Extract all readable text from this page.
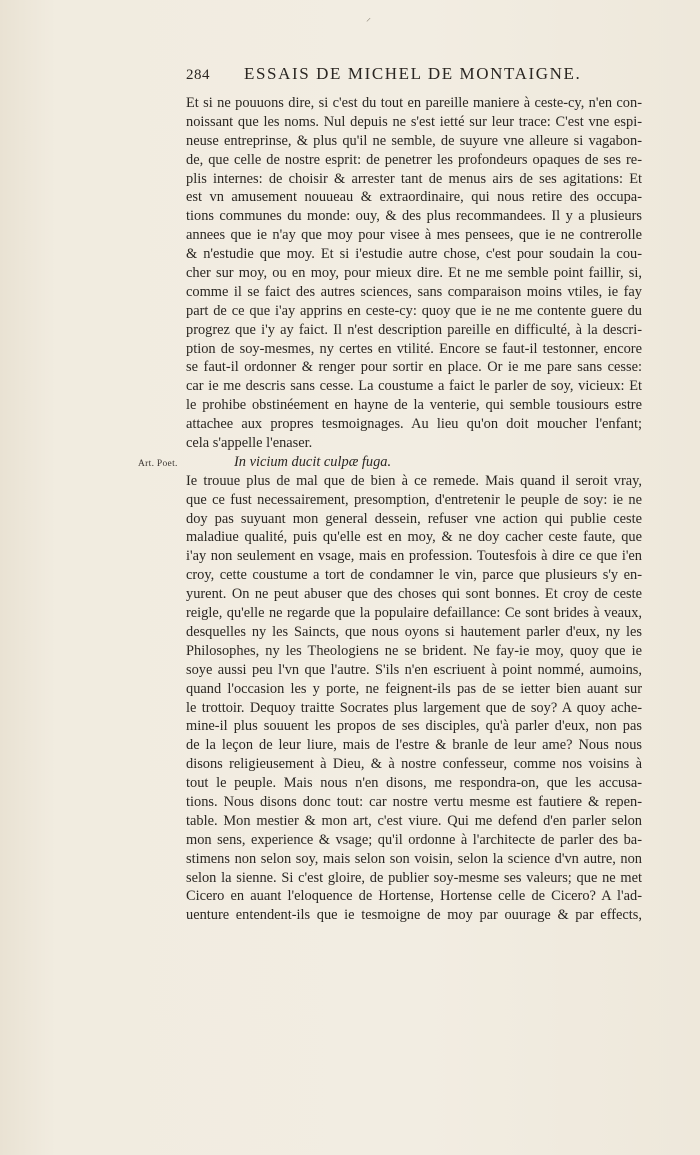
⸍
284 ESSAIS DE MICHEL DE MONTAIGNE.
Art. Poet.
Et si ne pouuons dire, si c'est du tout en pareille maniere à ceste-cy, n'en con-
noissant que les noms. Nul depuis ne s'est ietté sur leur trace: C'est vne espi-
neuse entreprinse, & plus qu'il ne semble, de suyure vne alleure si vagabon-
de, que celle de nostre esprit: de penetrer les profondeurs opaques de ses re-
plis internes: de choisir & arrester tant de menus airs de ses agitations: Et
est vn amusement nouueau & extraordinaire, qui nous retire des occupa-
tions communes du monde: ouy, & des plus recommandees. Il y a plusieurs
annees que ie n'ay que moy pour visee à mes pensees, que ie ne contrerolle
& n'estudie que moy. Et si i'estudie autre chose, c'est pour soudain la cou-
cher sur moy, ou en moy, pour mieux dire. Et ne me semble point faillir, si,
comme il se faict des autres sciences, sans comparaison moins vtiles, ie fay
part de ce que i'ay apprins en ceste-cy: quoy que ie ne me contente guere du
progrez que i'y ay faict. Il n'est description pareille en difficulté, à la descri-
ption de soy-mesmes, ny certes en vtilité. Encore se faut-il testonner, encore
se faut-il ordonner & renger pour sortir en place. Or ie me pare sans cesse:
car ie me descris sans cesse. La coustume a faict le parler de soy, vicieux: Et
le prohibe obstinéement en hayne de la venterie, qui semble tousiours estre
attachee aux propres tesmoignages. Au lieu qu'on doit moucher l'enfant;
cela s'appelle l'enaser.
In vicium ducit culpæ fuga.
Ie trouue plus de mal que de bien à ce remede. Mais quand il seroit vray,
que ce fust necessairement, presomption, d'entretenir le peuple de soy: ie ne
doy pas suyuant mon general dessein, refuser vne action qui publie ceste
maladiue qualité, puis qu'elle est en moy, & ne doy cacher ceste faute, que
i'ay non seulement en vsage, mais en profession. Toutesfois à dire ce que i'en
croy, cette coustume a tort de condamner le vin, parce que plusieurs s'y en-
yurent. On ne peut abuser que des choses qui sont bonnes. Et croy de ceste
reigle, qu'elle ne regarde que la populaire defaillance: Ce sont brides à veaux,
desquelles ny les Saincts, que nous oyons si hautement parler d'eux, ny les
Philosophes, ny les Theologiens ne se brident. Ne fay-ie moy, quoy que ie
soye aussi peu l'vn que l'autre. S'ils n'en escriuent à point nommé, aumoins,
quand l'occasion les y porte, ne feignent-ils pas de se ietter bien auant sur
le trottoir. Dequoy traitte Socrates plus largement que de soy? A quoy ache-
mine-il plus souuent les propos de ses disciples, qu'à parler d'eux, non pas
de la leçon de leur liure, mais de l'estre & branle de leur ame? Nous nous
disons religieusement à Dieu, & à nostre confesseur, comme nos voisins à
tout le peuple. Mais nous n'en disons, me respondra-on, que les accusa-
tions. Nous disons donc tout: car nostre vertu mesme est fautiere & repen-
table. Mon mestier & mon art, c'est viure. Qui me defend d'en parler selon
mon sens, experience & vsage; qu'il ordonne à l'architecte de parler des ba-
stimens non selon soy, mais selon son voisin, selon la science d'vn autre, non
selon la sienne. Si c'est gloire, de publier soy-mesme ses valeurs; que ne met
Cicero en auant l'eloquence de Hortense, Hortense celle de Cicero? A l'ad-
uenture entendent-ils que ie tesmoigne de moy par ouurage & par effects,
